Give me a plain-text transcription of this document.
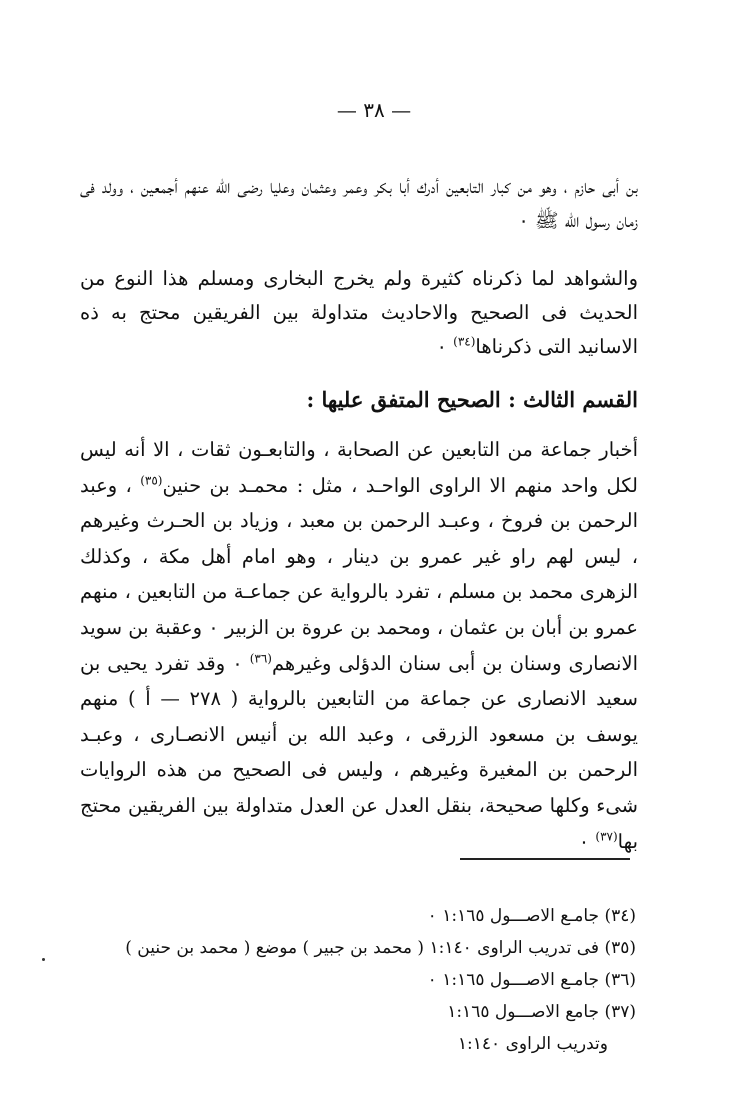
— ٣٨ —
بن أبى حازم ، وهو من كبار التابعين أدرك أبا بكر وعمر وعثمان وعليا رضى الله عنهم أجمعين ، وولد فى زمان رسول الله ﷺ ٠
والشواهد لما ذكرناه كثيرة ولم يخرج البخارى ومسلم هذا النوع من الحديث فى الصحيح والاحاديث متداولة بين الفريقين محتج به ذه الاسانيد التى ذكرناها$^{(٣٤)}$ ٠
القسم الثالث : الصحيح المتفق عليها :
أخبار جماعة من التابعين عن الصحابة ، والتابعـون ثقات ، الا أنه ليس لكل واحد منهم الا الراوى الواحـد ، مثل : محمـد بن حنين$^{(٣٥)}$ ، وعبد الرحمن بن فروخ ، وعبـد الرحمن بن معبد ، وزياد بن الحـرث وغيرهم ، ليس لهم راو غير عمرو بن دينار ، وهو امام أهل مكة ، وكذلك الزهرى محمد بن مسلم ، تفرد بالرواية عن جماعـة من التابعين ، منهم عمرو بن أبان بن عثمان ، ومحمد بن عروة بن الزبير ٠ وعقبة بن سويد الانصارى وسنان بن أبى سنان الدؤلى وغيرهم$^{(٣٦)}$ ٠ وقد تفرد يحيى بن سعيد الانصارى عن جماعة من التابعين بالرواية ( ٢٧٨ — أ ) منهم يوسف بن مسعود الزرقى ، وعبد الله بن أنيس الانصـارى ، وعبـد الرحمن بن المغيرة وغيرهم ، وليس فى الصحيح من هذه الروايات شىء وكلها صحيحة، بنقل العدل عن العدل متداولة بين الفريقين محتج بها$^{(٣٧)}$ ٠
(٣٤) جامـع الاصـــول ١:١٦٥ ٠
(٣٥) فى تدريب الراوى ١:١٤٠ ( محمد بن جبير ) موضع ( محمد بن حنين )
(٣٦) جامـع الاصـــول ١:١٦٥ ٠
(٣٧) جامع الاصـــول ١:١٦٥
وتدريب الراوى ١:١٤٠
